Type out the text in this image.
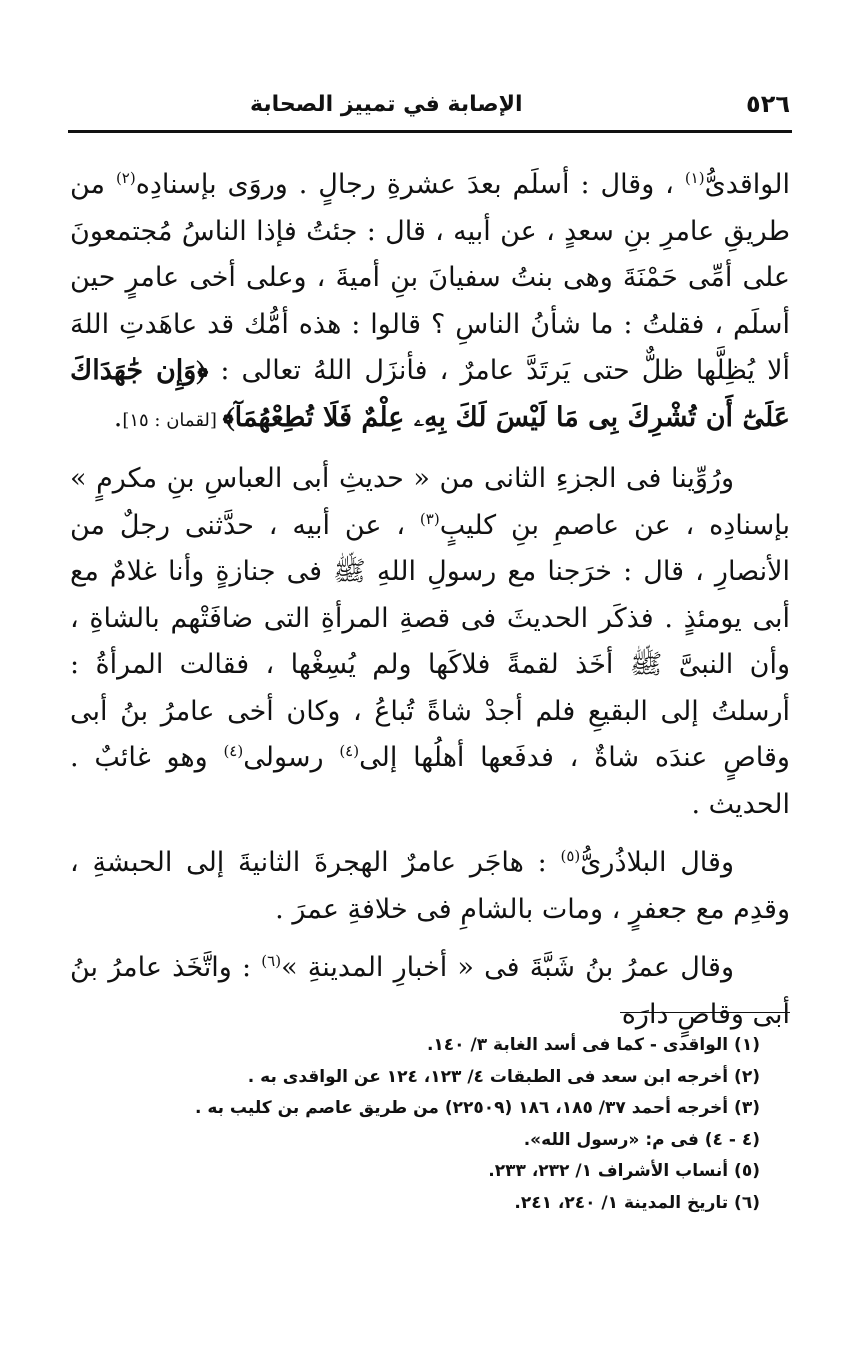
٥٢٦
الإصابة في تمييز الصحابة

الواقدىُّ$^{(١)}$ ، وقال : أسلَم بعدَ عشرةِ رجالٍ . وروَى بإسنادِه$^{(٢)}$ من طريقِ عامرِ بنِ سعدٍ ، عن أبيه ، قال : جئتُ فإذا الناسُ مُجتمعونَ على أمِّى حَمْنَةَ وهى بنتُ سفيانَ بنِ أميةَ ، وعلى أخى عامرٍ حين أسلَم ، فقلتُ : ما شأنُ الناسِ ؟ قالوا : هذه أمُّك قد عاهَدتِ اللهَ ألا يُظِلَّها ظلٌّ حتى يَرتَدَّ عامرٌ ، فأنزَل اللهُ تعالى : ﴿وَإِن جَٰهَدَاكَ عَلَىٰٓ أَن تُشْرِكَ بِى مَا لَيْسَ لَكَ بِهِۦ عِلْمٌ فَلَا تُطِعْهُمَآ﴾ [لقمان : ١٥].

ورُوِّينا فى الجزءِ الثانى من « حديثِ أبى العباسِ بنِ مكرمٍ » بإسنادِه ، عن عاصمِ بنِ كليبٍ$^{(٣)}$ ، عن أبيه ، حدَّثنى رجلٌ من الأنصارِ ، قال : خرَجنا مع رسولِ اللهِ ﷺ فى جنازةٍ وأنا غلامٌ مع أبى يومئذٍ . فذكَر الحديثَ فى قصةِ المرأةِ التى ضافَتْهم بالشاةِ ، وأن النبىَّ ﷺ أخَذ لقمةً فلاكَها ولم يُسِغْها ، فقالت المرأةُ : أرسلتُ إلى البقيعِ فلم أجدْ شاةً تُباعُ ، وكان أخى عامرُ بنُ أبى وقاصٍ عندَه شاةٌ ، فدفَعها أهلُها إلى$^{(٤)}$ رسولى$^{(٤)}$ وهو غائبٌ . الحديث .

وقال البلاذُرىُّ$^{(٥)}$ : هاجَر عامرٌ الهجرةَ الثانيةَ إلى الحبشةِ ، وقدِم مع جعفرٍ ، ومات بالشامِ فى خلافةِ عمرَ .

وقال عمرُ بنُ شَبَّةَ فى « أخبارِ المدينةِ »$^{(٦)}$ : واتَّخَذ عامرُ بنُ أبى وقاصٍ دارَه

(١) الواقدى - كما فى أسد الغابة ٣/ ١٤٠.

(٢) أخرجه ابن سعد فى الطبقات ٤/ ١٢٣، ١٢٤ عن الواقدى به .

(٣) أخرجه أحمد ٣٧/ ١٨٥، ١٨٦ (٢٢٥٠٩) من طريق عاصم بن كليب به .

(٤ - ٤) فى م: «رسول الله».

(٥) أنساب الأشراف ١/ ٢٣٢، ٢٣٣.

(٦) تاريخ المدينة ١/ ٢٤٠، ٢٤١.
